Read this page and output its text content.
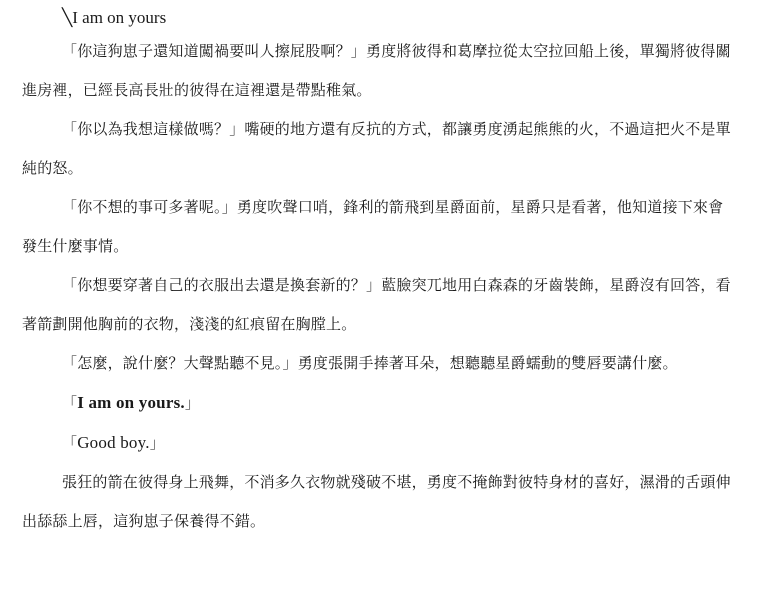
╲I am on yours

「你這狗崽子還知道闖禍要叫人擦屁股啊？」勇度將彼得和葛摩拉從太空拉回船上後，單獨將彼得關進房裡，已經長高長壯的彼得在這裡還是帶點稚氣。

「你以為我想這樣做嗎？」嘴硬的地方還有反抗的方式，都讓勇度湧起熊熊的火，不過這把火不是單純的怒。

「你不想的事可多著呢。」勇度吹聲口哨，鋒利的箭飛到星爵面前，星爵只是看著，他知道接下來會發生什麼事情。

「你想要穿著自己的衣服出去還是換套新的？」藍臉突兀地用白森森的牙齒裝飾，星爵沒有回答，看著箭劃開他胸前的衣物，淺淺的紅痕留在胸膛上。

「怎麼，說什麼？大聲點聽不見。」勇度張開手捧著耳朵，想聽聽星爵蠕動的雙唇要講什麼。

「I am on yours.」

「Good boy.」

張狂的箭在彼得身上飛舞，不消多久衣物就殘破不堪，勇度不掩飾對彼特身材的喜好，濕滑的舌頭伸出舔舔上唇，這狗崽子保養得不錯。
